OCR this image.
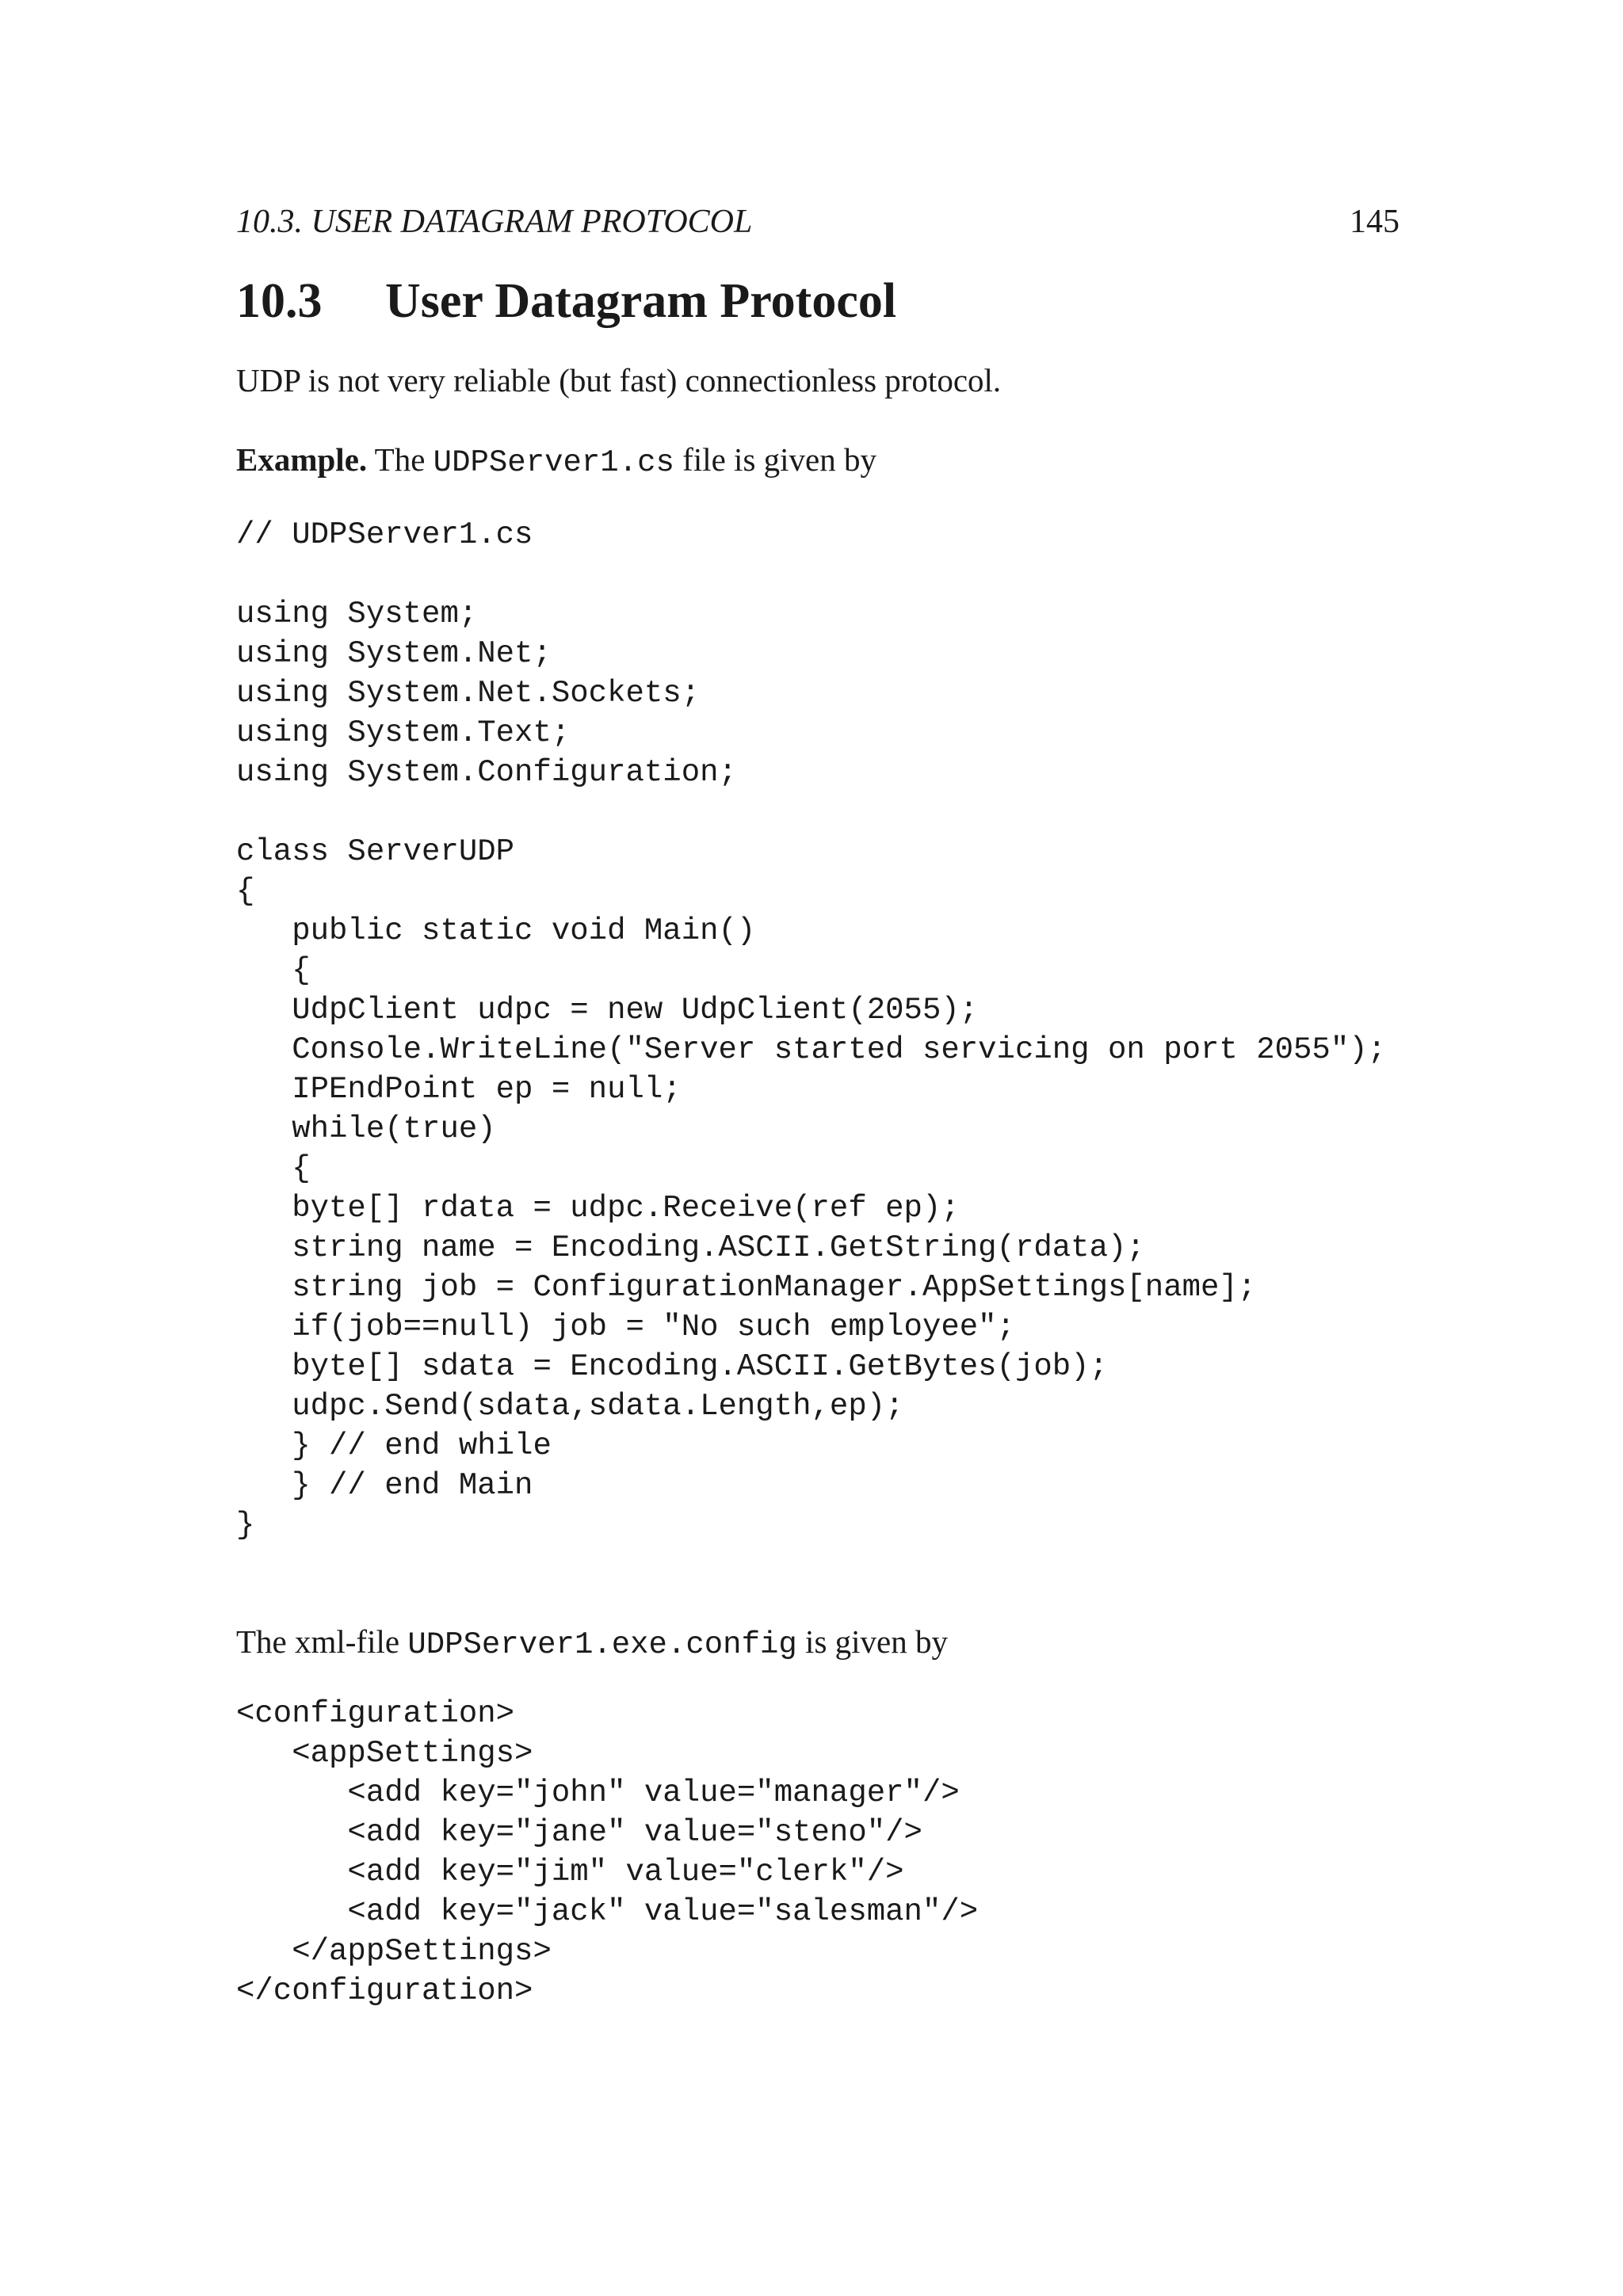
10.3. USER DATAGRAM PROTOCOL	145
10.3 User Datagram Protocol
UDP is not very reliable (but fast) connectionless protocol.
Example. The UDPServer1.cs file is given by
// UDPServer1.cs
using System;
using System.Net;
using System.Net.Sockets;
using System.Text;
using System.Configuration;
class ServerUDP
{
public static void Main()
{
UdpClient udpc = new UdpClient(2055);
Console.WriteLine("Server started servicing on port 2055");
IPEndPoint ep = null;
while(true)
{
byte[] rdata = udpc.Receive(ref ep);
string name = Encoding.ASCII.GetString(rdata);
string job = ConfigurationManager.AppSettings[name];
if(job==null) job = "No such employee";
byte[] sdata = Encoding.ASCII.GetBytes(job);
udpc.Send(sdata,sdata.Length,ep);
} // end while
} // end Main
}
The xml-file UDPServer1.exe.config is given by
<configuration>
<appSettings>
<add key="john" value="manager"/>
<add key="jane" value="steno"/>
<add key="jim" value="clerk"/>
<add key="jack" value="salesman"/>
</appSettings>
</configuration>
